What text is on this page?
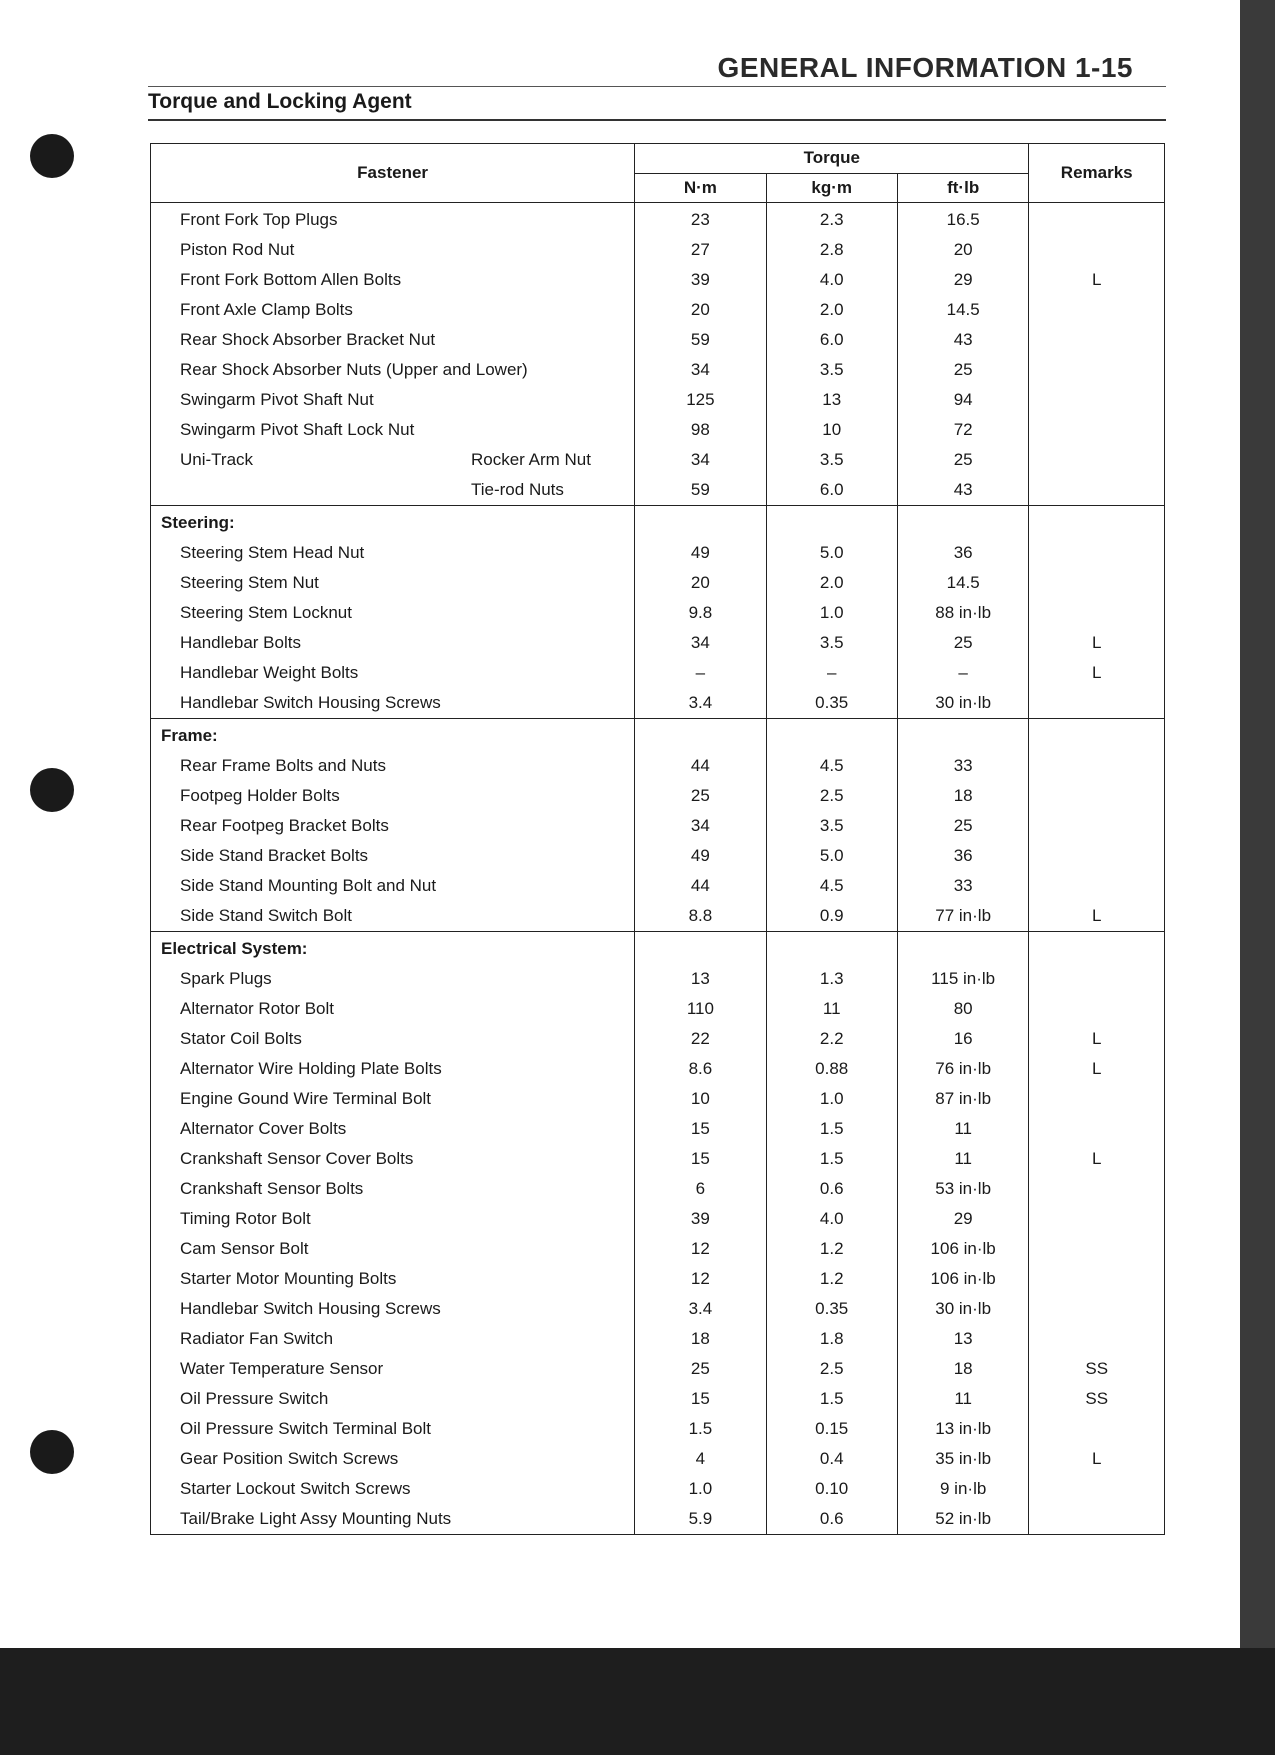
GENERAL INFORMATION 1-15
Torque and Locking Agent
Fastener	Torque			Remarks
	N·m	kg·m	ft·lb	
Front Fork Top Plugs	23	2.3	16.5	
Piston Rod Nut	27	2.8	20	
Front Fork Bottom Allen Bolts	39	4.0	29	L
Front Axle Clamp Bolts	20	2.0	14.5	
Rear Shock Absorber Bracket Nut	59	6.0	43	
Rear Shock Absorber Nuts (Upper and Lower)	34	3.5	25	
Swingarm Pivot Shaft Nut	125	13	94	
Swingarm Pivot Shaft Lock Nut	98	10	72	
Uni-Track Rocker Arm Nut	34	3.5	25	

Tie-rod Nuts	59	6.0	43	
Steering:				
Steering Stem Head Nut	49	5.0	36	
Steering Stem Nut	20	2.0	14.5	
Steering Stem Locknut	9.8	1.0	88 in·lb	
Handlebar Bolts	34	3.5	25	L
Handlebar Weight Bolts	–	–	–	L
Handlebar Switch Housing Screws	3.4	0.35	30 in·lb	
Frame:				
Rear Frame Bolts and Nuts	44	4.5	33	
Footpeg Holder Bolts	25	2.5	18	
Rear Footpeg Bracket Bolts	34	3.5	25	
Side Stand Bracket Bolts	49	5.0	36	
Side Stand Mounting Bolt and Nut	44	4.5	33	
Side Stand Switch Bolt	8.8	0.9	77 in·lb	L
Electrical System:				
Spark Plugs	13	1.3	115 in·lb	
Alternator Rotor Bolt	110	11	80	
Stator Coil Bolts	22	2.2	16	L
Alternator Wire Holding Plate Bolts	8.6	0.88	76 in·lb	L
Engine Gound Wire Terminal Bolt	10	1.0	87 in·lb	
Alternator Cover Bolts	15	1.5	11	
Crankshaft Sensor Cover Bolts	15	1.5	11	L
Crankshaft Sensor Bolts	6	0.6	53 in·lb	
Timing Rotor Bolt	39	4.0	29	
Cam Sensor Bolt	12	1.2	106 in·lb	
Starter Motor Mounting Bolts	12	1.2	106 in·lb	
Handlebar Switch Housing Screws	3.4	0.35	30 in·lb	
Radiator Fan Switch	18	1.8	13	
Water Temperature Sensor	25	2.5	18	SS
Oil Pressure Switch	15	1.5	11	SS
Oil Pressure Switch Terminal Bolt	1.5	0.15	13 in·lb	
Gear Position Switch Screws	4	0.4	35 in·lb	L
Starter Lockout Switch Screws	1.0	0.10	9 in·lb	
Tail/Brake Light Assy Mounting Nuts	5.9	0.6	52 in·lb	
